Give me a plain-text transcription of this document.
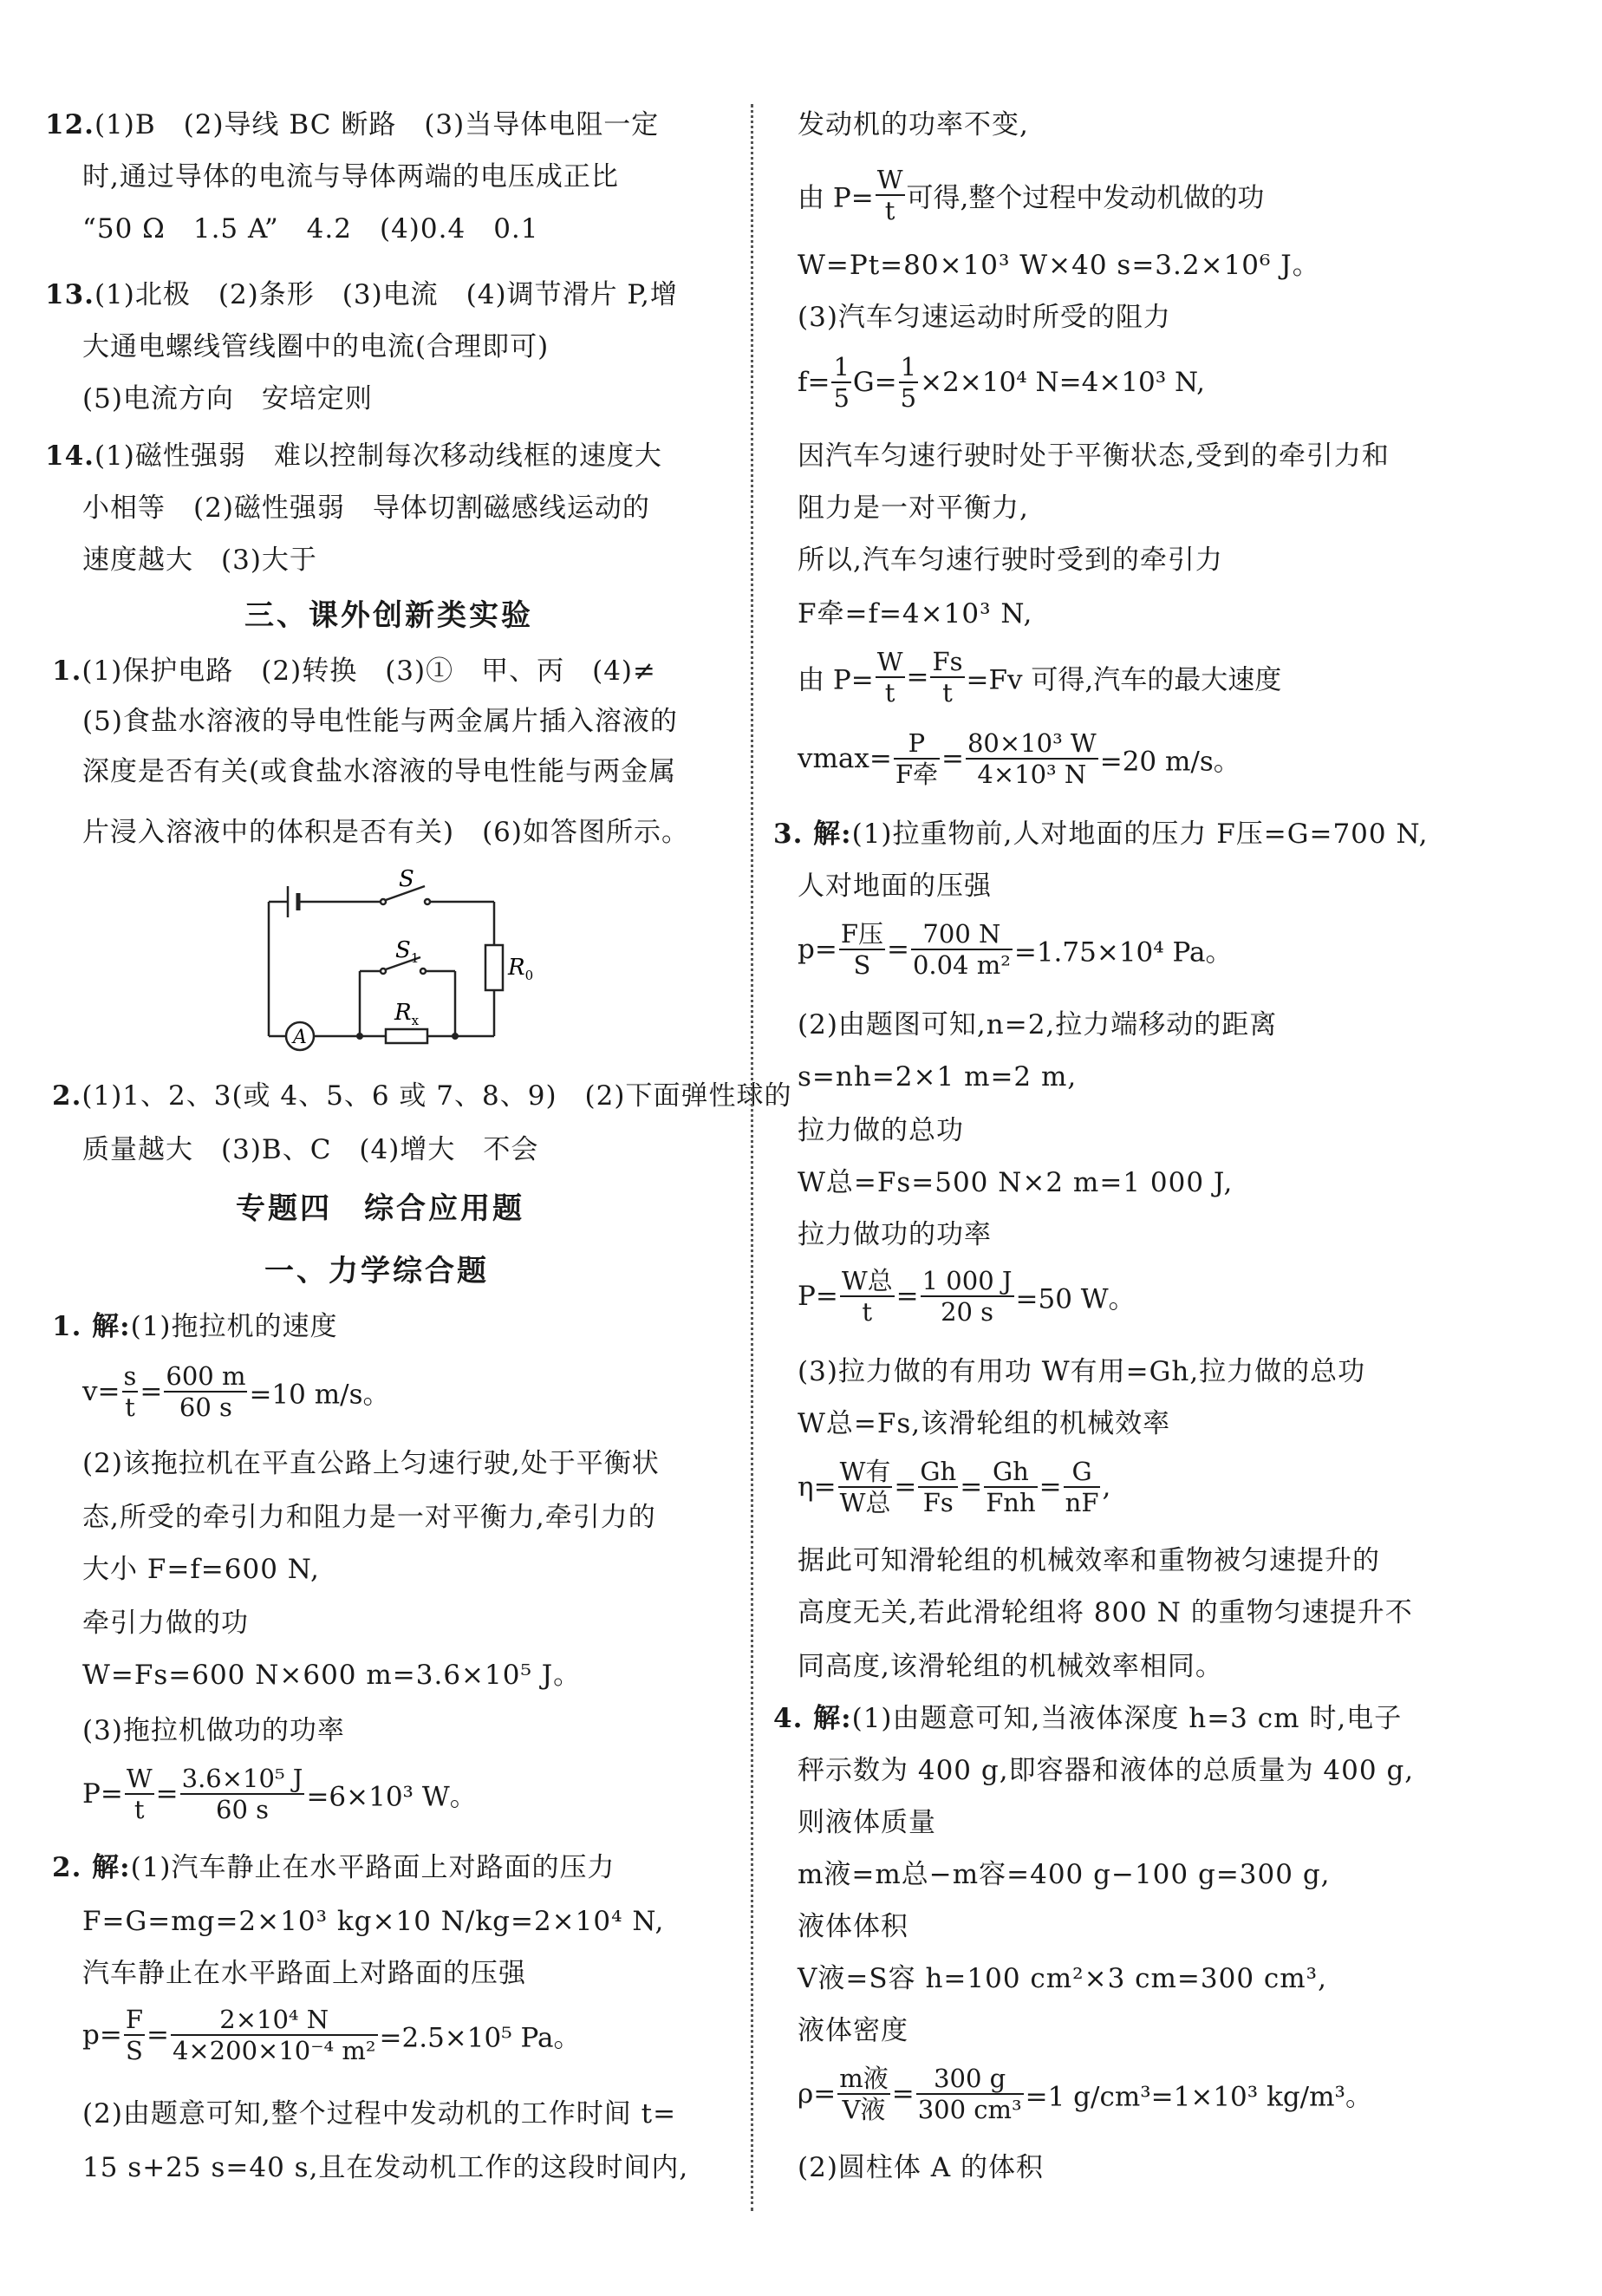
12.(1)B　(2)导线 BC 断路　(3)当导体电阻一定
时,通过导体的电流与导体两端的电压成正比
“50 Ω　1.5 A”　4.2　(4)0.4　0.1
13.(1)北极　(2)条形　(3)电流　(4)调节滑片 P,增
大通电螺线管线圈中的电流(合理即可)
(5)电流方向　安培定则
14.(1)磁性强弱　难以控制每次移动线框的速度大
小相等　(2)磁性强弱　导体切割磁感线运动的
速度越大　(3)大于
三、课外创新类实验
1.(1)保护电路　(2)转换　(3)①　甲、丙　(4)≠
(5)食盐水溶液的导电性能与两金属片插入溶液的
深度是否有关(或食盐水溶液的导电性能与两金属
片浸入溶液中的体积是否有关)　(6)如答图所示。
S
$S_1$	$R_0$
$R_x$
A
2.(1)1、2、3(或 4、5、6 或 7、8、9)　(2)下面弹性球的
质量越大　(3)B、C　(4)增大　不会
专题四　综合应用题
一、力学综合题
1. 解:(1)拖拉机的速度
$v= \frac{s}{t} = \frac{600 m}{60 s} =10$ m/s。
(2)该拖拉机在平直公路上匀速行驶,处于平衡状
态,所受的牵引力和阻力是一对平衡力,牵引力的
大小 F=f=600 N,
牵引力做的功
W=Fs=600 N×600 m=3.6×10⁵ J。
(3)拖拉机做功的功率
$P= \frac{W}{t} = \frac{\text{3.6×10⁵ J}}{60 s} =6\times 10^3$ W。
2. 解:(1)汽车静止在水平路面上对路面的压力
F=G=mg=2×10³ kg×10 N/kg=2×10⁴ N,
汽车静止在水平路面上对路面的压强
$p= \frac{F}{S} = \frac{\text{2×10⁴ N}}{\text{4×200×10⁻⁴ m²}} =2.5\times 10^5$ Pa。
(2)由题意可知,整个过程中发动机的工作时间 t=
15 s+25 s=40 s,且在发动机工作的这段时间内,
发动机的功率不变,
由 $P= \frac{W}{t}$ 可得,整个过程中发动机做的功
W=Pt=80×10³ W×40 s=3.2×10⁶ J。
(3)汽车匀速运动时所受的阻力
$f= \frac{1}{5} G= \frac{1}{5} \times 2\times 10^4$ N=4×10³ N,
因汽车匀速行驶时处于平衡状态,受到的牵引力和
阻力是一对平衡力,
所以,汽车匀速行驶时受到的牵引力
F牵=f=4×10³ N,
由 $P= \frac{W}{t} = \frac{Fs}{t} =Fv$ 可得,汽车的最大速度
$vmax= \frac{P}{\text{F牵}} = \frac{\text{80×10³ W}}{\text{4×10³ N}} =20$ m/s。
3. 解:(1)拉重物前,人对地面的压力 F压=G=700 N,
人对地面的压强
$p= \frac{\text{F压}}{S} = \frac{700 N}{\text{0.04 m²}} =1.75\times 10^4$ Pa。
(2)由题图可知,n=2,拉力端移动的距离
s=nh=2×1 m=2 m,
拉力做的总功
W总=Fs=500 N×2 m=1 000 J,
拉力做功的功率
$P= \frac{\text{W总}}{t} = \frac{1 000 J}{20 s} =50$ W。
(3)拉力做的有用功 W有用=Gh,拉力做的总功
W总=Fs,该滑轮组的机械效率
$\eta= \frac{\text{W有}}{\text{W总}} = \frac{Gh}{Fs} = \frac{Gh}{\text{Fnh}} = \frac{G}{nF}$ ,
据此可知滑轮组的机械效率和重物被匀速提升的
高度无关,若此滑轮组将 800 N 的重物匀速提升不
同高度,该滑轮组的机械效率相同。
4. 解:(1)由题意可知,当液体深度 h=3 cm 时,电子
秤示数为 400 g,即容器和液体的总质量为 400 g,
则液体质量
m液=m总−m容=400 g−100 g=300 g,
液体体积
V液=S容 h=100 cm²×3 cm=300 cm³,
液体密度
$\rho= \frac{\text{m液}}{\text{V液}} = \frac{300 g}{\text{300 cm³}} =1$ g/cm³=1×10³ kg/m³。
(2)圆柱体 A 的体积
